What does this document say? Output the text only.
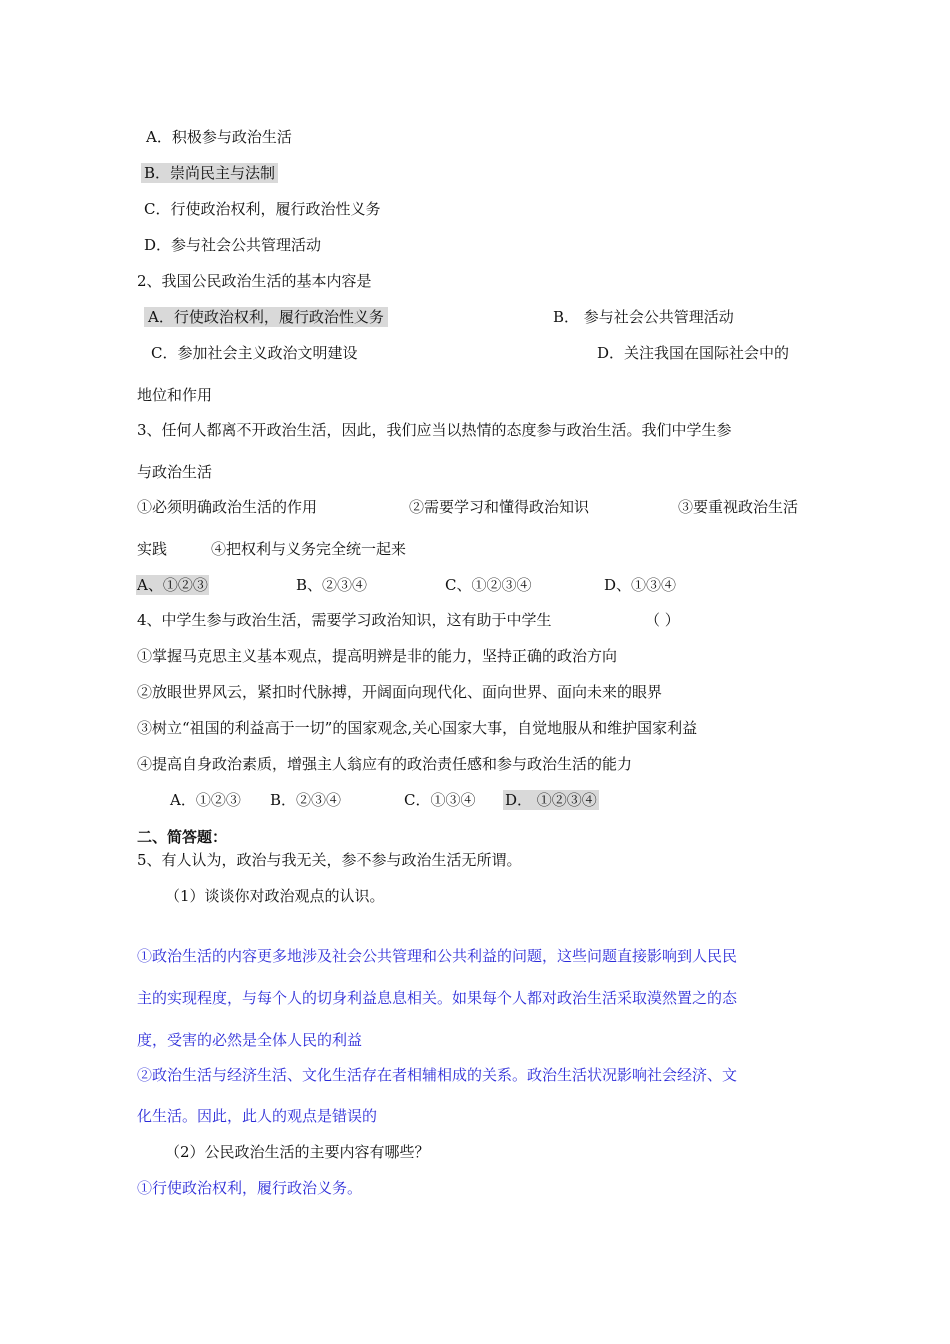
A．积极参与政治生活
B．崇尚民主与法制
C．行使政治权利，履行政治性义务
D．参与社会公共管理活动
2、我国公民政治生活的基本内容是
A．行使政治权利，履行政治性义务	B． 参与社会公共管理活动
C．参加社会主义政治文明建设	D．关注我国在国际社会中的
地位和作用
3、任何人都离不开政治生活，因此，我们应当以热情的态度参与政治生活。我们中学生参
与政治生活
①必须明确政治生活的作用	②需要学习和懂得政治知识	③要重视政治生活
实践	④把权利与义务完全统一起来
A、①②③	B、②③④	C、①②③④	D、①③④
4、中学生参与政治生活，需要学习政治知识，这有助于中学生	（ ）
①掌握马克思主义基本观点，提高明辨是非的能力，坚持正确的政治方向
②放眼世界风云，紧扣时代脉搏，开阔面向现代化、面向世界、面向未来的眼界
③树立“祖国的利益高于一切”的国家观念,关心国家大事，自觉地服从和维护国家利益
④提高自身政治素质，增强主人翁应有的政治责任感和参与政治生活的能力
A．①②③ B．②③④	C．①③④ D． ①②③④
二、简答题：
5、有人认为，政治与我无关，参不参与政治生活无所谓。
（1）谈谈你对政治观点的认识。
①政治生活的内容更多地涉及社会公共管理和公共利益的问题，这些问题直接影响到人民民
主的实现程度，与每个人的切身利益息息相关。如果每个人都对政治生活采取漠然置之的态
度，受害的必然是全体人民的利益
②政治生活与经济生活、文化生活存在者相辅相成的关系。政治生活状况影响社会经济、文
化生活。因此，此人的观点是错误的
（2）公民政治生活的主要内容有哪些？
①行使政治权利，履行政治义务。
